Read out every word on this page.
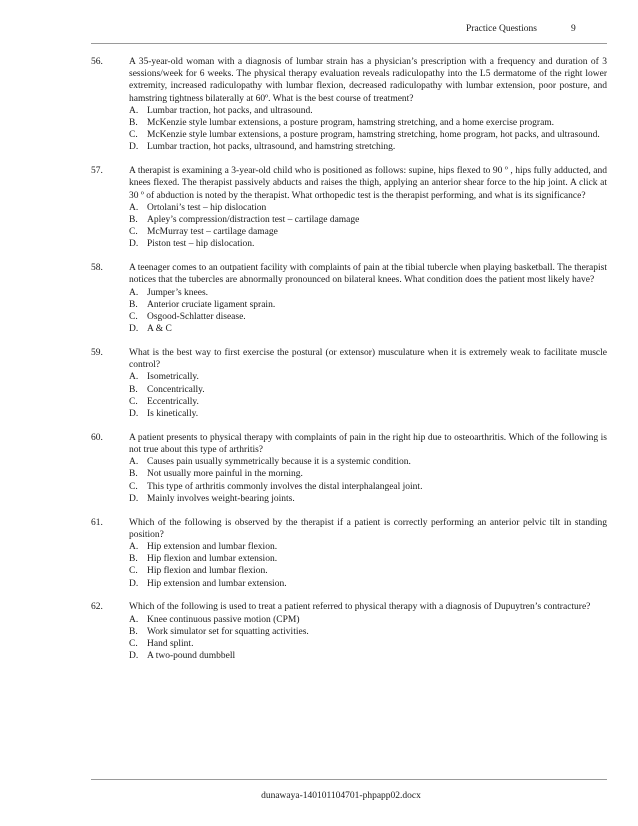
Practice Questions	9
56.	A 35-year-old woman with a diagnosis of lumbar strain has a physician’s prescription with a frequency and duration of 3 sessions/week for 6 weeks. The physical therapy evaluation reveals radiculopathy into the L5 dermatome of the right lower extremity, increased radiculopathy with lumbar flexion, decreased radiculopathy with lumbar extension, poor posture, and hamstring tightness bilaterally at 60º. What is the best course of treatment?
A. Lumbar traction, hot packs, and ultrasound.
B. McKenzie style lumbar extensions, a posture program, hamstring stretching, and a home exercise program.
C. McKenzie style lumbar extensions, a posture program, hamstring stretching, home program, hot packs, and ultrasound.
D. Lumbar traction, hot packs, ultrasound, and hamstring stretching.
57.	A therapist is examining a 3-year-old child who is positioned as follows: supine, hips flexed to 90 º , hips fully adducted, and knees flexed. The therapist passively abducts and raises the thigh, applying an anterior shear force to the hip joint. A click at 30 º of abduction is noted by the therapist. What orthopedic test is the therapist performing, and what is its significance?
A. Ortolani’s test – hip dislocation
B. Apley’s compression/distraction test – cartilage damage
C. McMurray test – cartilage damage
D. Piston test – hip dislocation.
58.	A teenager comes to an outpatient facility with complaints of pain at the tibial tubercle when playing basketball. The therapist notices that the tubercles are abnormally pronounced on bilateral knees. What condition does the patient most likely have?
A. Jumper’s knees.
B. Anterior cruciate ligament sprain.
C. Osgood-Schlatter disease.
D. A & C
59.	What is the best way to first exercise the postural (or extensor) musculature when it is extremely weak to facilitate muscle control?
A. Isometrically.
B. Concentrically.
C. Eccentrically.
D. Is kinetically.
60.	A patient presents to physical therapy with complaints of pain in the right hip due to osteoarthritis. Which of the following is not true about this type of arthritis?
A. Causes pain usually symmetrically because it is a systemic condition.
B. Not usually more painful in the morning.
C. This type of arthritis commonly involves the distal interphalangeal joint.
D. Mainly involves weight-bearing joints.
61.	Which of the following is observed by the therapist if a patient is correctly performing an anterior pelvic tilt in standing position?
A. Hip extension and lumbar flexion.
B. Hip flexion and lumbar extension.
C. Hip flexion and lumbar flexion.
D. Hip extension and lumbar extension.
62.	Which of the following is used to treat a patient referred to physical therapy with a diagnosis of Dupuytren’s contracture?
A. Knee continuous passive motion (CPM)
B. Work simulator set for squatting activities.
C. Hand splint.
D. A two-pound dumbbell
dunawaya-140101104701-phpapp02.docx
